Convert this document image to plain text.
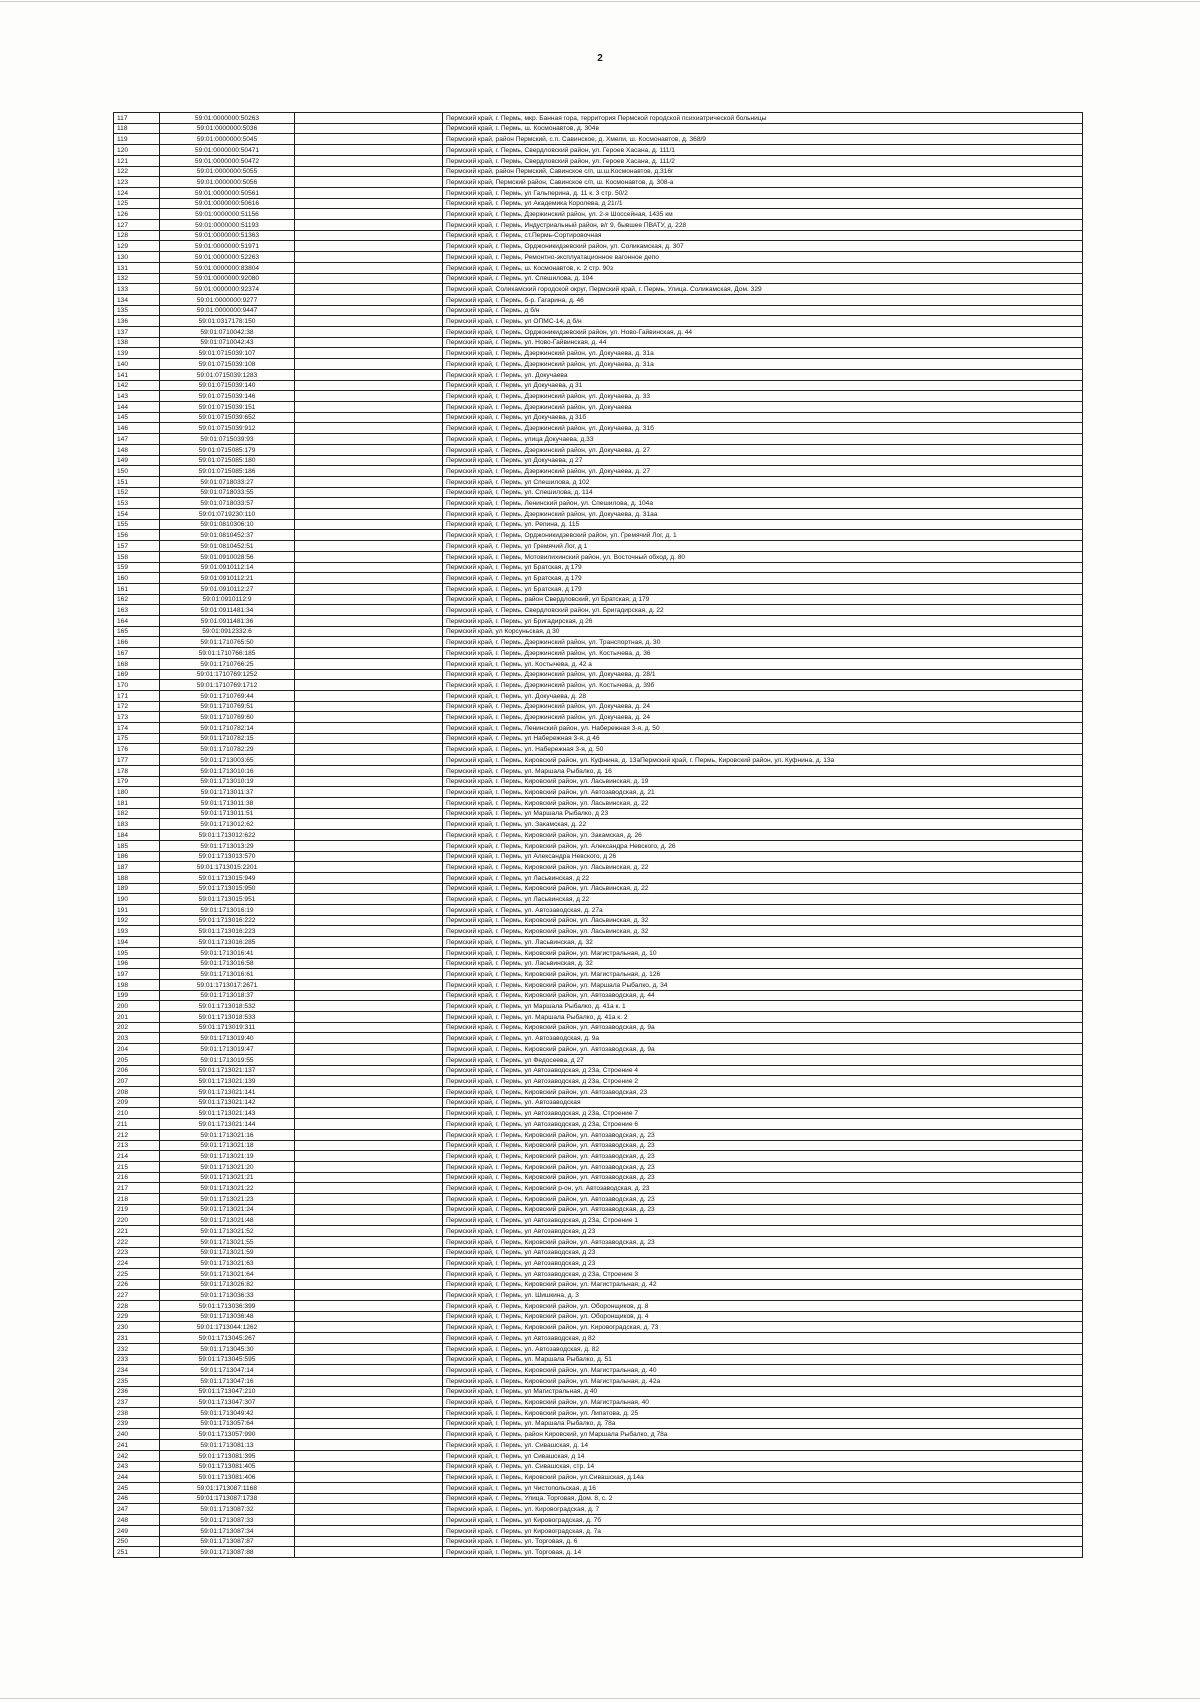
2
117	59:01:0000000:50263		Пермский край, г. Пермь, мкр. Банная гора, территория Пермской городской психиатрической больницы
118	59:01:0000000:5036		Пермский край, г. Пермь, ш. Космонавтов, д. 304в
119	59:01:0000000:5045		Пермский край, район Пермский, с.п. Савинское, д. Хмели, ш. Космонавтов, д. 368/9
120	59:01:0000000:50471		Пермский край, г. Пермь, Свердловский район, ул. Героев Хасана, д. 111/1
121	59:01:0000000:50472		Пермский край, г. Пермь, Свердловский район, ул. Героев Хасана, д. 111/2
122	59:01:0000000:5055		Пермский край, район Пермский, Савинское с/п, ш.ш.Космонавтов, д.316г
123	59:01:0000000:5056		Пермский край, Пермский район, Савинское с/п, ш. Космонавтов, д. 308-а
124	59:01:0000000:50561		Пермский край, г. Пермь, ул Гальперина, д. 11 к. 3 стр. 50/2
125	59:01:0000000:50616		Пермский край, г. Пермь, ул Академика Королева, д 21г/1
126	59:01:0000000:51156		Пермский край, г. Пермь, Дзержинский район, ул. 2-я Шоссейная, 1435 км
127	59:01:0000000:51193		Пермский край, г. Пермь, Индустриальный район, в/г 9, бывшее ПВАТУ, д. 228
128	59:01:0000000:51363		Пермский край, г. Пермь, ст.Пермь-Сортировочная
129	59:01:0000000:51971		Пермский край, г. Пермь, Орджоникидзевский район, ул. Соликамская, д. 307
130	59:01:0000000:52263		Пермский край, г. Пермь, Ремонтно-эксплуатационное вагонное депо
131	59:01:0000000:83804		Пермский край, г. Пермь, ш. Космонавтов, к. 2 стр. 90з
132	59:01:0000000:92080		Пермский край, г. Пермь, ул. Спешилова, д. 104
133	59:01:0000000:92374		Пермский край, Соликамский городской округ, Пермский край, г. Пермь, Улица. Соликамская, Дом. 329
134	59:01:0000000:9277		Пермский край, г. Пермь, б-р. Гагарина, д. 46
135	59:01:0000000:9447		Пермский край, г. Пермь, д б/н
136	59:01:0317178:150		Пермский край, г. Пермь, ул ОПМС-14, д б/н
137	59:01:0710042:38		Пермский край, г. Пермь, Орджоникидзевский район, ул. Ново-Гайвинская, д. 44
138	59:01:0710042:43		Пермский край, г. Пермь, ул. Ново-Гайвинская, д. 44
139	59:01:0715039:107		Пермский край, г. Пермь, Дзержинский район, ул. Докучаева, д. 31а
140	59:01:0715039:108		Пермский край, г. Пермь, Дзержинский район, ул. Докучаева, д. 31а
141	59:01:0715039:1283		Пермский край, г. Пермь, ул. Докучаева
142	59:01:0715039:140		Пермский край, г. Пермь, ул Докучаева, д 31
143	59:01:0715039:146		Пермский край, г. Пермь, Дзержинский район, ул. Докучаева, д. 33
144	59:01:0715039:151		Пермский край, г. Пермь, Дзержинский район, ул. Докучаева
145	59:01:0715039:652		Пермский край, г. Пермь, ул Докучаева, д 31б
146	59:01:0715039:912		Пермский край, г. Пермь, Дзержинский район, ул. Докучаева, д. 31б
147	59:01:0715039:93		Пермский край, г. Пермь, улица Докучаева, д.33
148	59:01:0715085:179		Пермский край, г. Пермь, Дзержинский район, ул. Докучаева, д. 27
149	59:01:0715085:180		Пермский край, г. Пермь, ул Докучаева, д 27
150	59:01:0715085:186		Пермский край, г. Пермь, Дзержинский район, ул. Докучаева, д. 27
151	59:01:0718033:27		Пермский край, г. Пермь, ул Спешилова, д 102
152	59:01:0718033:55		Пермский край, г. Пермь, ул. Спешилова, д. 114
153	59:01:0718033:57		Пермский край, г. Пермь, Ленинский район, ул. Спешилова, д. 104а
154	59:01:0719230:110		Пермский край, г. Пермь, Дзержинский район, ул. Докучаева, д. 31аа
155	59:01:0810306:10		Пермский край, г. Пермь, ул. Репина, д. 115
156	59:01:0810452:37		Пермский край, г. Пермь, Орджоникидзевский район, ул. Гремячий Лог, д. 1
157	59:01:0810452:51		Пермский край, г. Пермь, ул Гремячий Лог, д 1
158	59:01:0910028:56		Пермский край, г. Пермь, Мотовилихинский район, ул. Восточный обход, д. 80
159	59:01:0910112:14		Пермский край, г. Пермь, ул Братская, д 179
160	59:01:0910112:21		Пермский край, г. Пермь, ул Братская, д 179
161	59:01:0910112:27		Пермский край, г. Пермь, ул Братская, д 179
162	59:01:0910112:9		Пермский край, г. Пермь, район Свердловский, ул Братская, д 179
163	59:01:0911481:34		Пермский край, г. Пермь, Свердловский район, ул. Бригадирская, д. 22
164	59:01:0911481:36		Пермский край, г. Пермь, ул Бригадирская, д 26
165	59:01:0912332:6		Пермский край, ул Корсуньская, д 30
166	59:01:1710765:50		Пермский край, г. Пермь, Дзержинский район, ул. Транспортная, д. 30
167	59:01:1710766:185		Пермский край, г. Пермь, Дзержинский район, ул. Костычева, д. 36
168	59:01:1710766:25		Пермский край, г. Пермь, ул. Костычева, д. 42 а
169	59:01:1710769:1252		Пермский край, г. Пермь, Дзержинский район, ул. Докучаева, д. 28/1
170	59:01:1710769:1712		Пермский край, г. Пермь, Дзержинский район, ул. Костычева, д. 39б
171	59:01:1710769:44		Пермский край, г. Пермь, ул. Докучаева, д. 28
172	59:01:1710769:51		Пермский край, г. Пермь, Дзержинский район, ул. Докучаева, д. 24
173	59:01:1710769:60		Пермский край, г. Пермь, Дзержинский район, ул. Докучаева, д. 24
174	59:01:1710782:14		Пермский край, г. Пермь, Ленинский район, ул. Набережная 3-я, д. 50
175	59:01:1710782:15		Пермский край, г. Пермь, ул Набережная 3-я, д 46
176	59:01:1710782:29		Пермский край, г. Пермь, ул. Набережная 3-я, д. 50
177	59:01:1713003:65		Пермский край, г. Пермь, Кировский район, ул. Куфнина, д. 13аПермский край, г. Пермь, Кировский район, ул. Куфнина, д. 13а
178	59:01:1713010:16		Пермский край, г. Пермь, ул. Маршала Рыбалко, д. 16
179	59:01:1713010:19		Пермский край, г. Пермь, Кировский район, ул. Ласьвинская, д. 19
180	59:01:1713011:37		Пермский край, г. Пермь, Кировский район, ул. Автозаводская, д. 21
181	59:01:1713011:38		Пермский край, г. Пермь, Кировский район, ул. Ласьвинская, д. 22
182	59:01:1713011:51		Пермский край, г. Пермь, ул Маршала Рыбалко, д 23
183	59:01:1713012:62		Пермский край, г. Пермь, ул. Закамская, д. 22
184	59:01:1713012:622		Пермский край, г. Пермь, Кировский район, ул. Закамская, д. 26
185	59:01:1713013:29		Пермский край, г. Пермь, Кировский район, ул. Александра Невского, д. 26
186	59:01:1713013:570		Пермский край, г. Пермь, ул Александра Невского, д 26
187	59:01:1713015:2201		Пермский край, г. Пермь, Кировский район, ул. Ласьвинская, д. 22
188	59:01:1713015:949		Пермский край, г. Пермь, ул Ласьвинская, д 22
189	59:01:1713015:950		Пермский край, г. Пермь, Кировский район, ул. Ласьвинская, д. 22
190	59:01:1713015:951		Пермский край, г. Пермь, ул Ласьвинская, д 22
191	59:01:1713016:19		Пермский край, г. Пермь, ул. Автозаводская, д. 27а
192	59:01:1713016:222		Пермский край, г. Пермь, Кировский район, ул. Ласьвинская, д. 32
193	59:01:1713016:223		Пермский край, г. Пермь, Кировский район, ул. Ласьвинская, д. 32
194	59:01:1713016:285		Пермский край, г. Пермь, ул. Ласьвинская, д. 32
195	59:01:1713016:41		Пермский край, г. Пермь, Кировский район, ул. Магистральная, д. 10
196	59:01:1713016:58		Пермский край, г. Пермь, ул. Ласьвинская, д. 32
197	59:01:1713016:61		Пермский край, г. Пермь, Кировский район, ул. Магистральная, д. 126
198	59:01:1713017:2671		Пермский край, г. Пермь, Кировский район, ул. Маршала Рыбалко, д. 34
199	59:01:1713018:37		Пермский край, г. Пермь, Кировский район, ул. Автозаводская, д. 44
200	59:01:1713018:532		Пермский край, г. Пермь, ул Маршала Рыбалко, д. 41а к. 1
201	59:01:1713018:533		Пермский край, г. Пермь, ул. Маршала Рыбалко, д. 41а к. 2
202	59:01:1713019:311		Пермский край, г. Пермь, Кировский район, ул. Автозаводская, д. 9а
203	59:01:1713019:40		Пермский край, г. Пермь, ул. Автозаводская, д. 9а
204	59:01:1713019:47		Пермский край, г. Пермь, Кировский район, ул. Автозаводская, д. 9а
205	59:01:1713019:55		Пермский край, г. Пермь, ул Федосеева, д 27
206	59:01:1713021:137		Пермский край, г. Пермь, ул Автозаводская, д 23а, Строение 4
207	59:01:1713021:139		Пермский край, г. Пермь, ул Автозаводская, д 23а, Строение 2
208	59:01:1713021:141		Пермский край, г. Пермь, Кировский район, ул. Автозаводская, 23
209	59:01:1713021:142		Пермский край, г. Пермь, ул. Автозаводская
210	59:01:1713021:143		Пермский край, г. Пермь, ул Автозаводская, д 23а, Строение 7
211	59:01:1713021:144		Пермский край, г. Пермь, ул Автозаводская, д 23а, Строение 6
212	59:01:1713021:16		Пермский край, г. Пермь, Кировский район, ул. Автозаводская, д. 23
213	59:01:1713021:18		Пермский край, г. Пермь, Кировский район, ул. Автозаводская, д. 23
214	59:01:1713021:19		Пермский край, г. Пермь, Кировский район, ул. Автозаводская, д. 23
215	59:01:1713021:20		Пермский край, г. Пермь, Кировский район, ул. Автозаводская, д. 23
216	59:01:1713021:21		Пермский край, г. Пермь, Кировский район, ул. Автозаводская, д. 23
217	59:01:1713021:22		Пермский край, г. Пермь, Кировский р-он, ул. Автозаводская, д. 23
218	59:01:1713021:23		Пермский край, г. Пермь, Кировский район, ул. Автозаводская, д. 23
219	59:01:1713021:24		Пермский край, г. Пермь, Кировский район, ул. Автозаводская, д. 23
220	59:01:1713021:48		Пермский край, г. Пермь, ул Автозаводская, д 23а, Строение 1
221	59:01:1713021:52		Пермский край, г. Пермь, ул Автозаводская, д 23
222	59:01:1713021:55		Пермский край, г. Пермь, Кировский район, ул. Автозаводская, д. 23
223	59:01:1713021:59		Пермский край, г. Пермь, ул Автозаводская, д 23
224	59:01:1713021:63		Пермский край, г. Пермь, ул Автозаводская, д 23
225	59:01:1713021:64		Пермский край, г. Пермь, ул Автозаводская, д 23а, Строение 3
226	59:01:1713026:82		Пермский край, г. Пермь, Кировский район, ул. Магистральная, д. 42
227	59:01:1713036:33		Пермский край, г. Пермь, ул. Шишкина, д. 3
228	59:01:1713036:399		Пермский край, г. Пермь, Кировский район, ул. Оборонщиков, д. 8
229	59:01:1713036:48		Пермский край, г. Пермь, Кировский район, ул. Оборонщиков, д. 4
230	59:01:1713044:1262		Пермский край, г. Пермь, Кировский район, ул. Кировоградская, д. 73
231	59:01:1713045:267		Пермский край, г. Пермь, ул Автозаводская, д 82
232	59:01:1713045:30		Пермский край, г. Пермь, ул. Автозаводская, д. 82
233	59:01:1713045:595		Пермский край, г. Пермь, ул. Маршала Рыбалко, д. 51
234	59:01:1713047:14		Пермский край, г. Пермь, Кировский район, ул. Магистральная, д. 40
235	59:01:1713047:16		Пермский край, г. Пермь, Кировский район, ул. Магистральная, д. 42а
236	59:01:1713047:210		Пермский край, г. Пермь, ул Магистральная, д 40
237	59:01:1713047:307		Пермский край, г. Пермь, Кировский район, ул. Магистральная, 40
238	59:01:1713049:42		Пермский край, г. Пермь, Кировский район, ул. Липатова, д. 25
239	59:01:1713057:64		Пермский край, г. Пермь, ул. Маршала Рыбалко, д. 78а
240	59:01:1713057:990		Пермский край, г. Пермь, район Кировский, ул Маршала Рыбалко, д 78а
241	59:01:1713081:13		Пермский край, г. Пермь, ул. Сивашская, д. 14
242	59:01:1713081:395		Пермский край, г. Пермь, ул Сивашская, д 14
243	59:01:1713081:405		Пермский край, г. Пермь, ул. Сивашская, стр. 14
244	59:01:1713081:406		Пермский край, г. Пермь, Кировский район, ул.Сивашская, д.14а
245	59:01:1713087:1168		Пермский край, г. Пермь, ул Чистопольская, д 16
246	59:01:1713087:1738		Пермский край, г. Пермь, Улица. Торговая, Дом. 8, с. 2
247	59:01:1713087:32		Пермский край, г. Пермь, ул. Кировоградская, д. 7
248	59:01:1713087:33		Пермский край, г. Пермь, ул Кировоградская, д. 7б
249	59:01:1713087:34		Пермский край, г. Пермь, ул Кировоградская, д. 7а
250	59:01:1713087:87		Пермский край, г. Пермь, ул. Торговая, д. 6
251	59:01:1713087:88		Пермский край, г. Пермь, ул. Торговая, д. 14
